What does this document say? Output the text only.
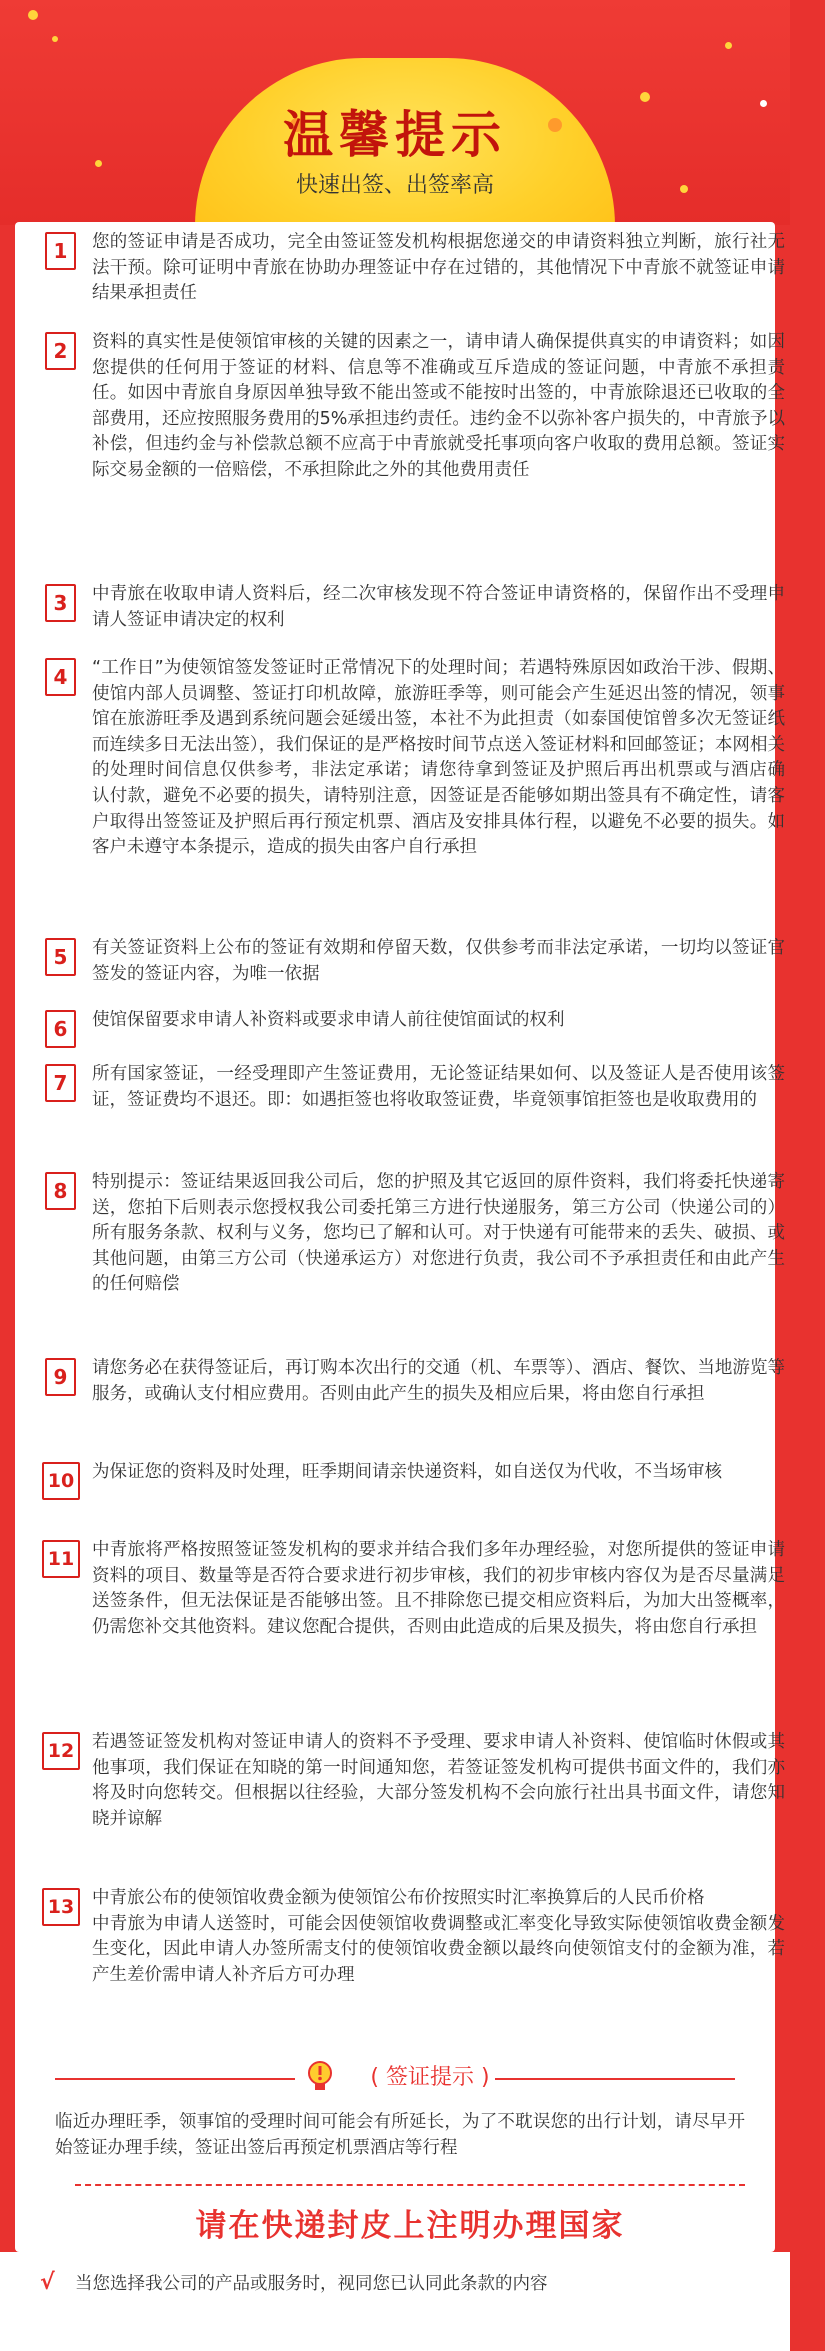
温馨提示
快速出签、出签率高
1	您的签证申请是否成功，完全由签证签发机构根据您递交的申请资料独立判断，旅行社无法干预。除可证明中青旅在协助办理签证中存在过错的，其他情况下中青旅不就签证申请结果承担责任
2	资料的真实性是使领馆审核的关键的因素之一，请申请人确保提供真实的申请资料；如因您提供的任何用于签证的材料、信息等不准确或互斥造成的签证问题，中青旅不承担责任。如因中青旅自身原因单独导致不能出签或不能按时出签的，中青旅除退还已收取的全部费用，还应按照服务费用的5%承担违约责任。违约金不以弥补客户损失的，中青旅予以补偿，但违约金与补偿款总额不应高于中青旅就受托事项向客户收取的费用总额。签证实际交易金额的一倍赔偿，不承担除此之外的其他费用责任
3	中青旅在收取申请人资料后，经二次审核发现不符合签证申请资格的，保留作出不受理申请人签证申请决定的权利
4	“工作日”为使领馆签发签证时正常情况下的处理时间；若遇特殊原因如政治干涉、假期、使馆内部人员调整、签证打印机故障，旅游旺季等，则可能会产生延迟出签的情况，领事馆在旅游旺季及遇到系统问题会延缓出签，本社不为此担责（如泰国使馆曾多次无签证纸而连续多日无法出签），我们保证的是严格按时间节点送入签证材料和回邮签证；本网相关的处理时间信息仅供参考，非法定承诺；请您待拿到签证及护照后再出机票或与酒店确　认付款，避免不必要的损失，请特别注意，因签证是否能够如期出签具有不确定性，请客户取得出签签证及护照后再行预定机票、酒店及安排具体行程，以避免不必要的损失。如客户未遵守本条提示，造成的损失由客户自行承担
5	有关签证资料上公布的签证有效期和停留天数，仅供参考而非法定承诺，一切均以签证官签发的签证内容，为唯一依据
6	使馆保留要求申请人补资料或要求申请人前往使馆面试的权利
7	所有国家签证，一经受理即产生签证费用，无论签证结果如何、以及签证人是否使用该签证，签证费均不退还。即：如遇拒签也将收取签证费，毕竟领事馆拒签也是收取费用的
8	特别提示：签证结果返回我公司后，您的护照及其它返回的原件资料，我们将委托快递寄送，您拍下后则表示您授权我公司委托第三方进行快递服务，第三方公司（快递公司的）所有服务条款、权利与义务，您均已了解和认可。对于快递有可能带来的丢失、破损、或其他问题，由第三方公司（快递承运方）对您进行负责，我公司不予承担责任和由此产生的任何赔偿
9	请您务必在获得签证后，再订购本次出行的交通（机、车票等）、酒店、餐饮、当地游览等服务，或确认支付相应费用。否则由此产生的损失及相应后果，将由您自行承担
10	为保证您的资料及时处理，旺季期间请亲快递资料，如自送仅为代收，不当场审核
11	中青旅将严格按照签证签发机构的要求并结合我们多年办理经验，对您所提供的签证申请资料的项目、数量等是否符合要求进行初步审核，我们的初步审核内容仅为是否尽量满足送签条件，但无法保证是否能够出签。且不排除您已提交相应资料后，为加大出签概率，仍需您补交其他资料。建议您配合提供，否则由此造成的后果及损失，将由您自行承担
12	若遇签证签发机构对签证申请人的资料不予受理、要求申请人补资料、使馆临时休假或其他事项，我们保证在知晓的第一时间通知您，若签证签发机构可提供书面文件的，我们亦将及时向您转交。但根据以往经验，大部分签发机构不会向旅行社出具书面文件，请您知晓并谅解
13	中青旅公布的使领馆收费金额为使领馆公布价按照实时汇率换算后的人民币价格
中青旅为申请人送签时，可能会因使领馆收费调整或汇率变化导致实际使领馆收费金额发生变化，因此申请人办签所需支付的使领馆收费金额以最终向使领馆支付的金额为准，若产生差价需申请人补齐后方可办理
( 签证提示 )
临近办理旺季，领事馆的受理时间可能会有所延长，为了不耽误您的出行计划，请尽早开始签证办理手续，签证出签后再预定机票酒店等行程
请在快递封皮上注明办理国家
√ 当您选择我公司的产品或服务时，视同您已认同此条款的内容
